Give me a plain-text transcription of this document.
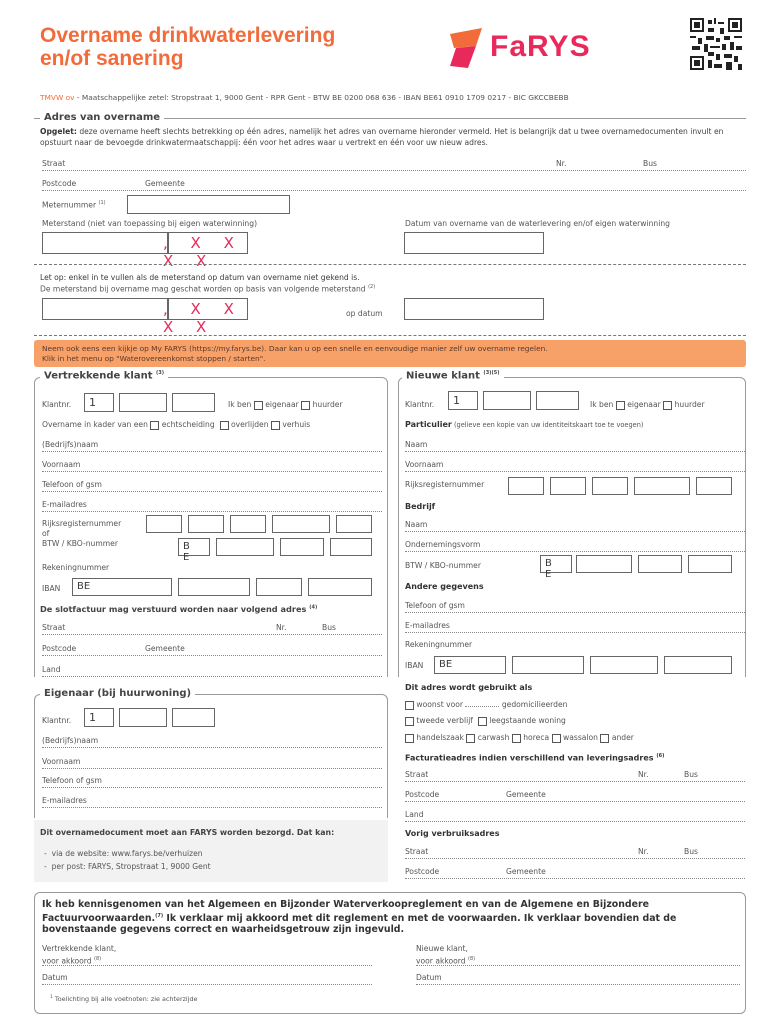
Overname drinkwaterlevering
en/of sanering	FaRYS
TMVW ov - Maatschappelijke zetel: Stropstraat 1, 9000 Gent - RPR Gent - BTW BE 0200 068 636 - IBAN BE61 0910 1709 0217 - BIC GKCCBEBB
Adres van overname
Opgelet: deze overname heeft slechts betrekking op één adres, namelijk het adres van overname hieronder vermeld. Het is belangrijk dat u twee overnamedocumenten invult en opstuurt naar de bevoegde drinkwatermaatschappij: één voor het adres waar u vertrekt en één voor uw nieuw adres.
Straat	Nr.	Bus
Postcode	Gemeente
Meternummer $^{(1)}$
Meterstand (niet van toepassing bij eigen waterwinning)	Datum van overname van de waterlevering en/of eigen waterwinning
, X X X X
Let op: enkel in te vullen als de meterstand op datum van overname niet gekend is.
De meterstand bij overname mag geschat worden op basis van volgende meterstand $^{(2)}$
, X X X X
op datum
Neem ook eens een kijkje op My FARYS (https://my.farys.be). Daar kan u op een snelle en eenvoudige manier zelf uw overname regelen.
Klik in het menu op "Waterovereenkomst stoppen / starten".
Vertrekkende klant $^{(3)}$
Klantnr.	1	Ik ben eigenaar huurder
Overname in kader van een echtscheiding overlijden verhuis
(Bedrijfs)naam
Voornaam
Telefoon of gsm
E-mailadres
Rijksregisternummer
of
BTW / KBO-nummer	B E
Rekeningnummer
IBAN	BE
De slotfactuur mag verstuurd worden naar volgend adres $^{(4)}$
Straat	Nr.	Bus
Postcode	Gemeente
Land
Eigenaar (bij huurwoning)
Klantnr.	1
(Bedrijfs)naam
Voornaam
Telefoon of gsm
E-mailadres
Dit overnamedocument moet aan FARYS worden bezorgd. Dat kan:
-  via de website: www.farys.be/verhuizen
-  per post: FARYS, Stropstraat 1, 9000 Gent
Nieuwe klant $^{(3)(5)}$
Klantnr.	1	Ik ben eigenaar huurder
Particulier (gelieve een kopie van uw identiteitskaart toe te voegen)
Naam
Voornaam
Rijksregisternummer
Bedrijf
Naam
Ondernemingsvorm
BTW / KBO-nummer	B E
Andere gegevens
Telefoon of gsm
E-mailadres
Rekeningnummer
IBAN	BE
Dit adres wordt gebruikt als
woonst voor	gedomicilieerden
tweede verblijf leegstaande woning
handelszaak carwash horeca wassalon ander
Facturatieadres indien verschillend van leveringsadres $^{(6)}$
Straat	Nr.	Bus
Postcode	Gemeente
Land
Vorig verbruiksadres
Straat	Nr.	Bus
Postcode	Gemeente
Ik heb kennisgenomen van het Algemeen en Bijzonder Waterverkoopreglement en van de Algemene en Bijzondere
Factuurvoorwaarden.$^{(7)}$ Ik verklaar mij akkoord met dit reglement en met de voorwaarden. Ik verklaar bovendien dat de
bovenstaande gegevens correct en waarheidsgetrouw zijn ingevuld.
Vertrekkende klant,
voor akkoord $^{(8)}$
Nieuwe klant,
voor akkoord $^{(8)}$
Datum	Datum
$^1$ Toelichting bij alle voetnoten: zie achterzijde
